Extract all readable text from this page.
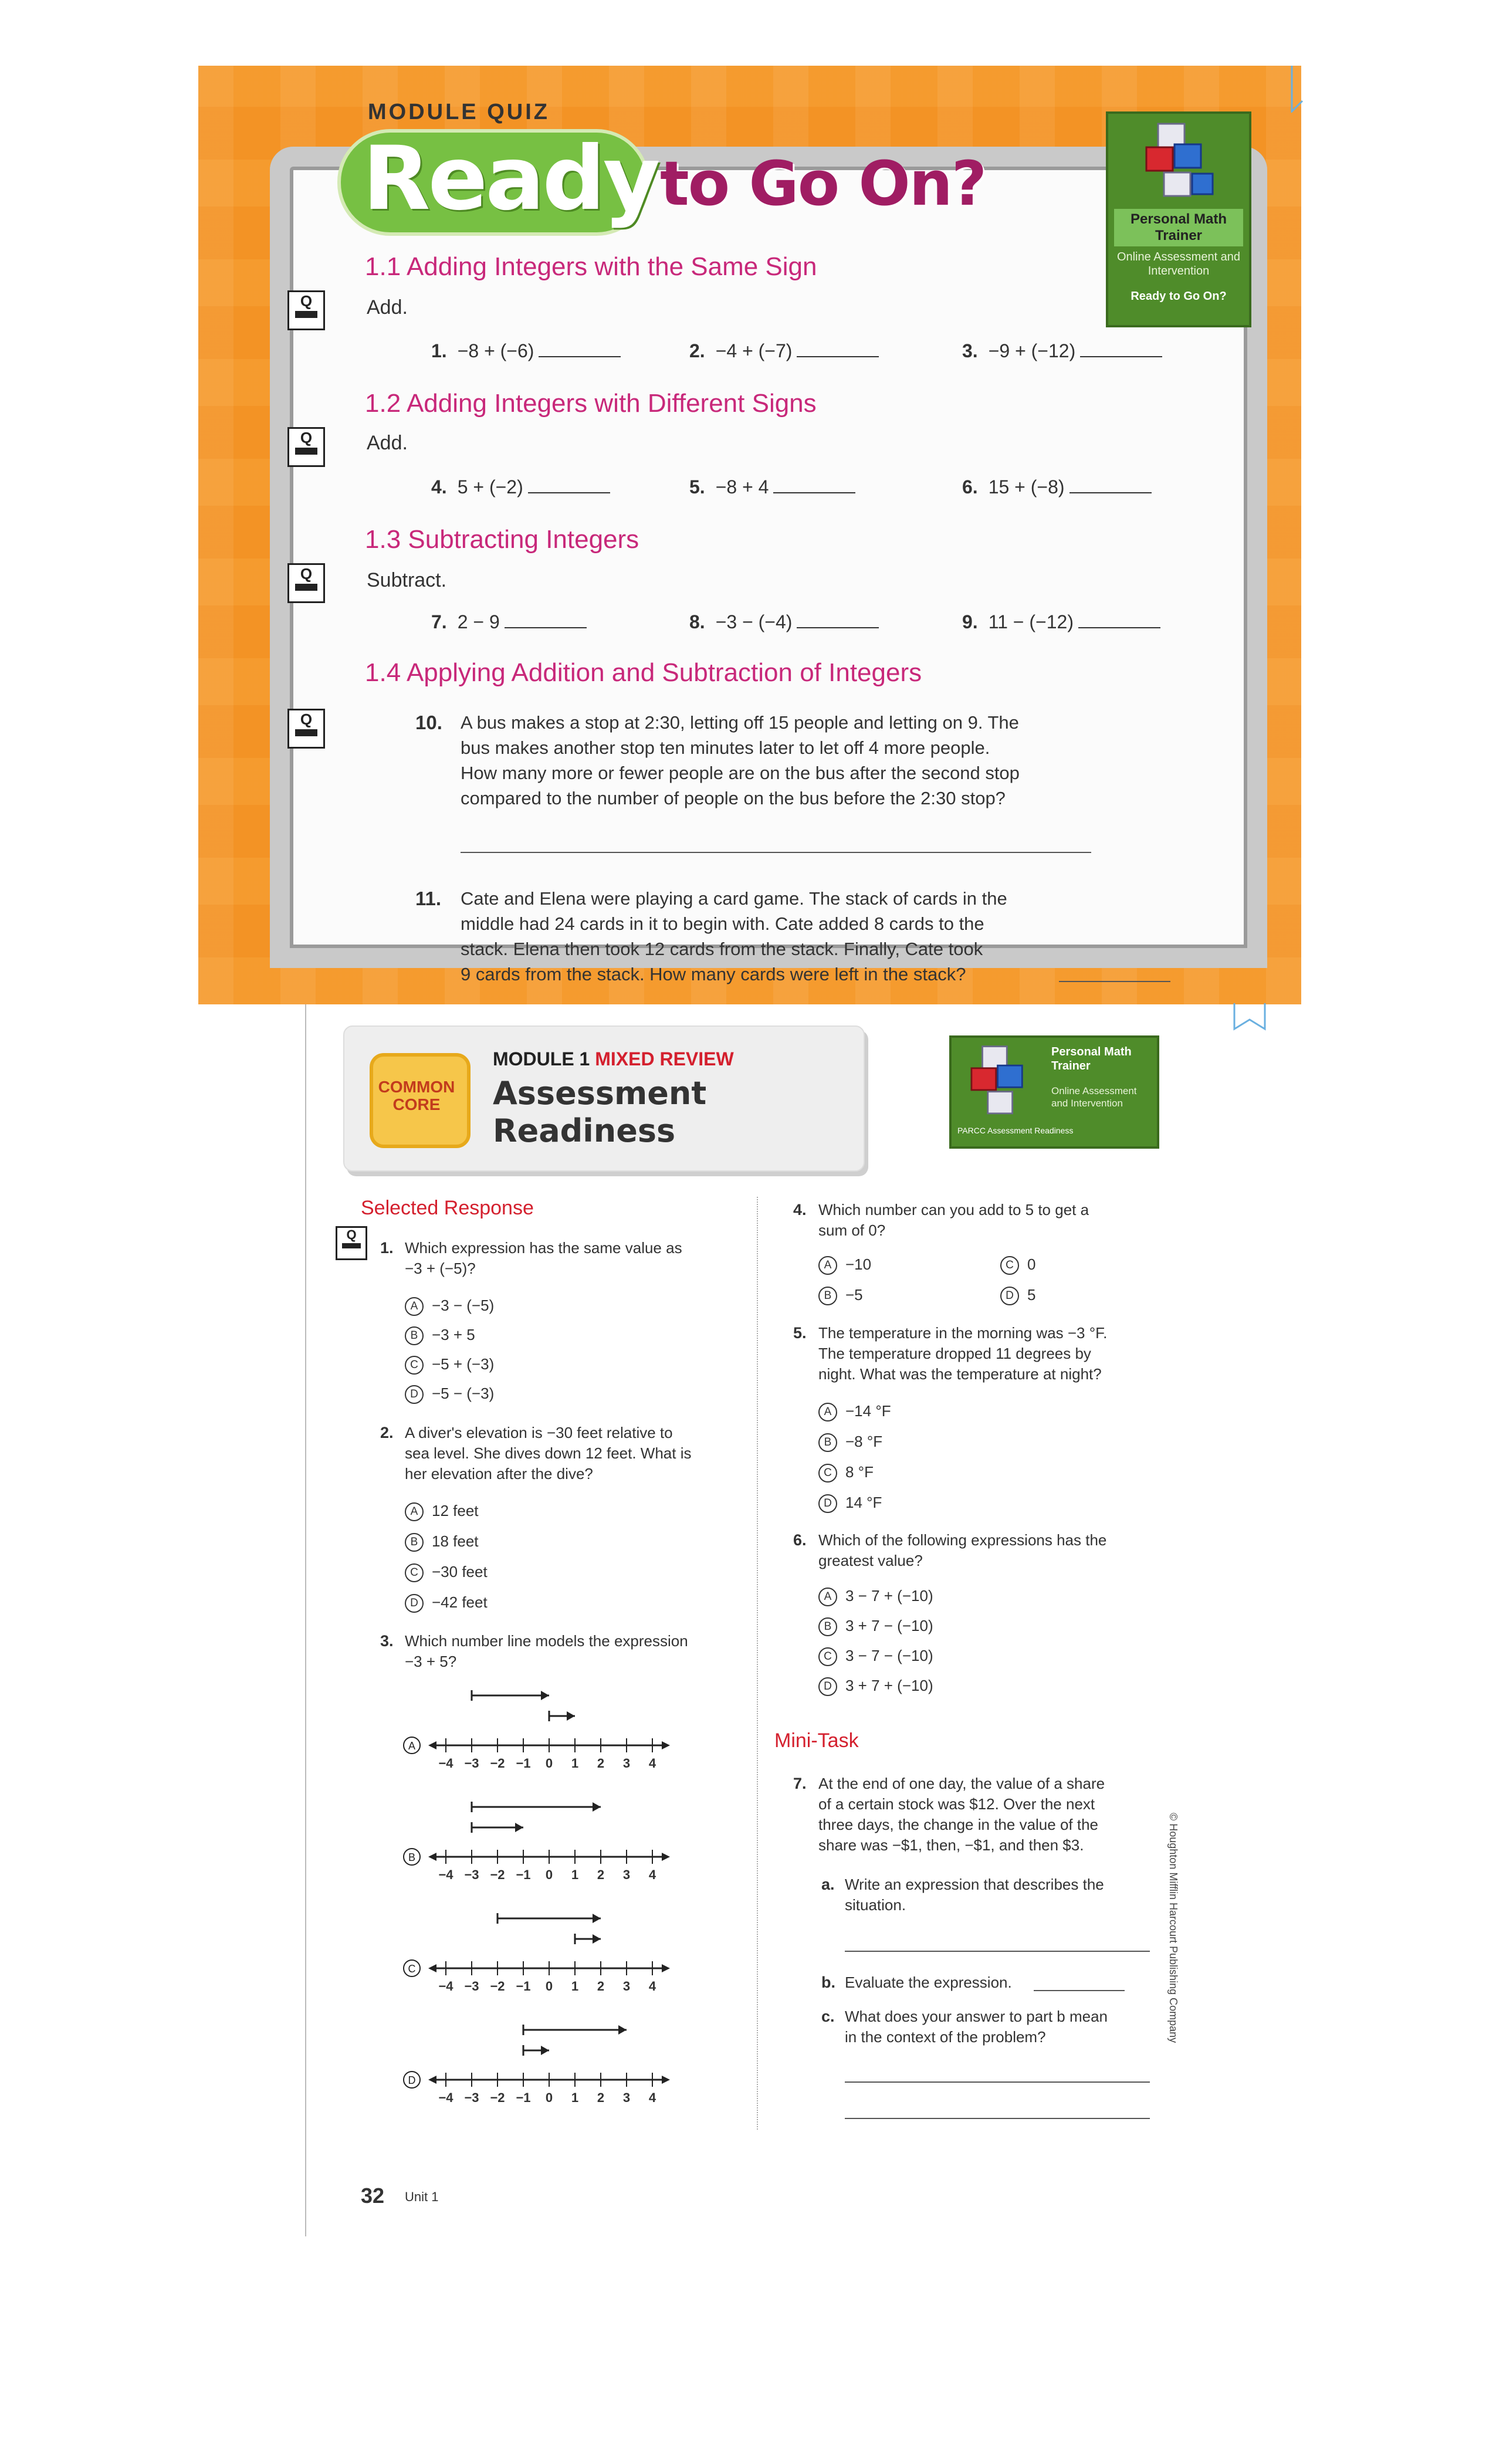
MODULE QUIZ
Ready to Go On?	Personal Math Trainer
Online Assessment and Intervention
Ready to Go On?
Q
Q
Q
Q
1.1 Adding Integers with the Same Sign
Add.
1. −8 + (−6)	2. −4 + (−7)	3. −9 + (−12)
1.2 Adding Integers with Different Signs
Add.
4. 5 + (−2)	5. −8 + 4	6. 15 + (−8)
1.3 Subtracting Integers
Subtract.
7. 2 − 9	8. −3 − (−4)	9. 11 − (−12)
1.4 Applying Addition and Subtraction of Integers
10. A bus makes a stop at 2:30, letting off 15 people and letting on 9. The
bus makes another stop ten minutes later to let off 4 more people.
How many more or fewer people are on the bus after the second stop
compared to the number of people on the bus before the 2:30 stop?
11. Cate and Elena were playing a card game. The stack of cards in the
middle had 24 cards in it to begin with. Cate added 8 cards to the
stack. Elena then took 12 cards from the stack. Finally, Cate took
9 cards from the stack. How many cards were left in the stack?
COMMON
CORE
MODULE 1 MIXED REVIEW
Assessment
Readiness
Personal Math Trainer
Online Assessment and Intervention
PARCC Assessment Readiness
Selected Response
Q
1. Which expression has the same value as
−3 + (−5)?
A −3 − (−5)
B −3 + 5
C −5 + (−3)
D −5 − (−3)
2. A diver's elevation is −30 feet relative to
sea level. She dives down 12 feet. What is
her elevation after the dive?
A 12 feet
B 18 feet
C −30 feet
D −42 feet
3. Which number line models the expression
−3 + 5?
A
−4 −3 −2 −1 0 1 2 3 4
B
−4 −3 −2 −1 0 1 2 3 4
C
−4 −3 −2 −1 0 1 2 3 4
D
−4 −3 −2 −1 0 1 2 3 4
4. Which number can you add to 5 to get a
sum of 0?
A −10
B −5
C 0
D 5
5. The temperature in the morning was −3 °F.
The temperature dropped 11 degrees by
night. What was the temperature at night?
A −14 °F
B −8 °F
C 8 °F
D 14 °F
6. Which of the following expressions has the
greatest value?
A 3 − 7 + (−10)
B 3 + 7 − (−10)
C 3 − 7 − (−10)
D 3 + 7 + (−10)
Mini-Task
7. At the end of one day, the value of a share
of a certain stock was $12. Over the next
three days, the change in the value of the
share was −$1, then, −$1, and then $3.
a. Write an expression that describes the
situation.
b. Evaluate the expression.
c. What does your answer to part b mean
in the context of the problem?	© Houghton Mifflin Harcourt Publishing Company
32 Unit 1
